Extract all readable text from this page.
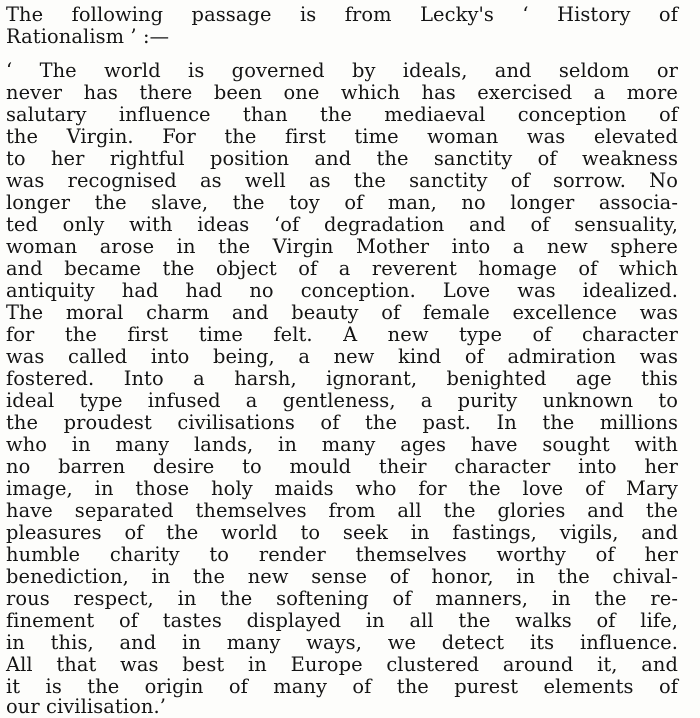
The following passage is from Lecky's ‘ History of

Rationalism ’ :—

‘ The world is governed by ideals, and seldom or

never has there been one which has exercised a more

salutary influence than the mediaeval conception of

the Virgin. For the first time woman was elevated

to her rightful position and the sanctity of weakness

was recognised as well as the sanctity of sorrow. No

longer the slave, the toy of man, no longer associa-

ted only with ideas ‘of degradation and of sensuality,

woman arose in the Virgin Mother into a new sphere

and became the object of a reverent homage of which

antiquity had had no conception. Love was idealized.

The moral charm and beauty of female excellence was

for the first time felt. A new type of character

was called into being, a new kind of admiration was

fostered. Into a harsh, ignorant, benighted age this

ideal type infused a gentleness, a purity unknown to

the proudest civilisations of the past. In the millions

who in many lands, in many ages have sought with

no barren desire to mould their character into her

image, in those holy maids who for the love of Mary

have separated themselves from all the glories and the

pleasures of the world to seek in fastings, vigils, and

humble charity to render themselves worthy of her

benediction, in the new sense of honor, in the chival-

rous respect, in the softening of manners, in the re-

finement of tastes displayed in all the walks of life,

in this, and in many ways, we detect its influence.

All that was best in Europe clustered around it, and

it is the origin of many of the purest elements of

our civilisation.’
